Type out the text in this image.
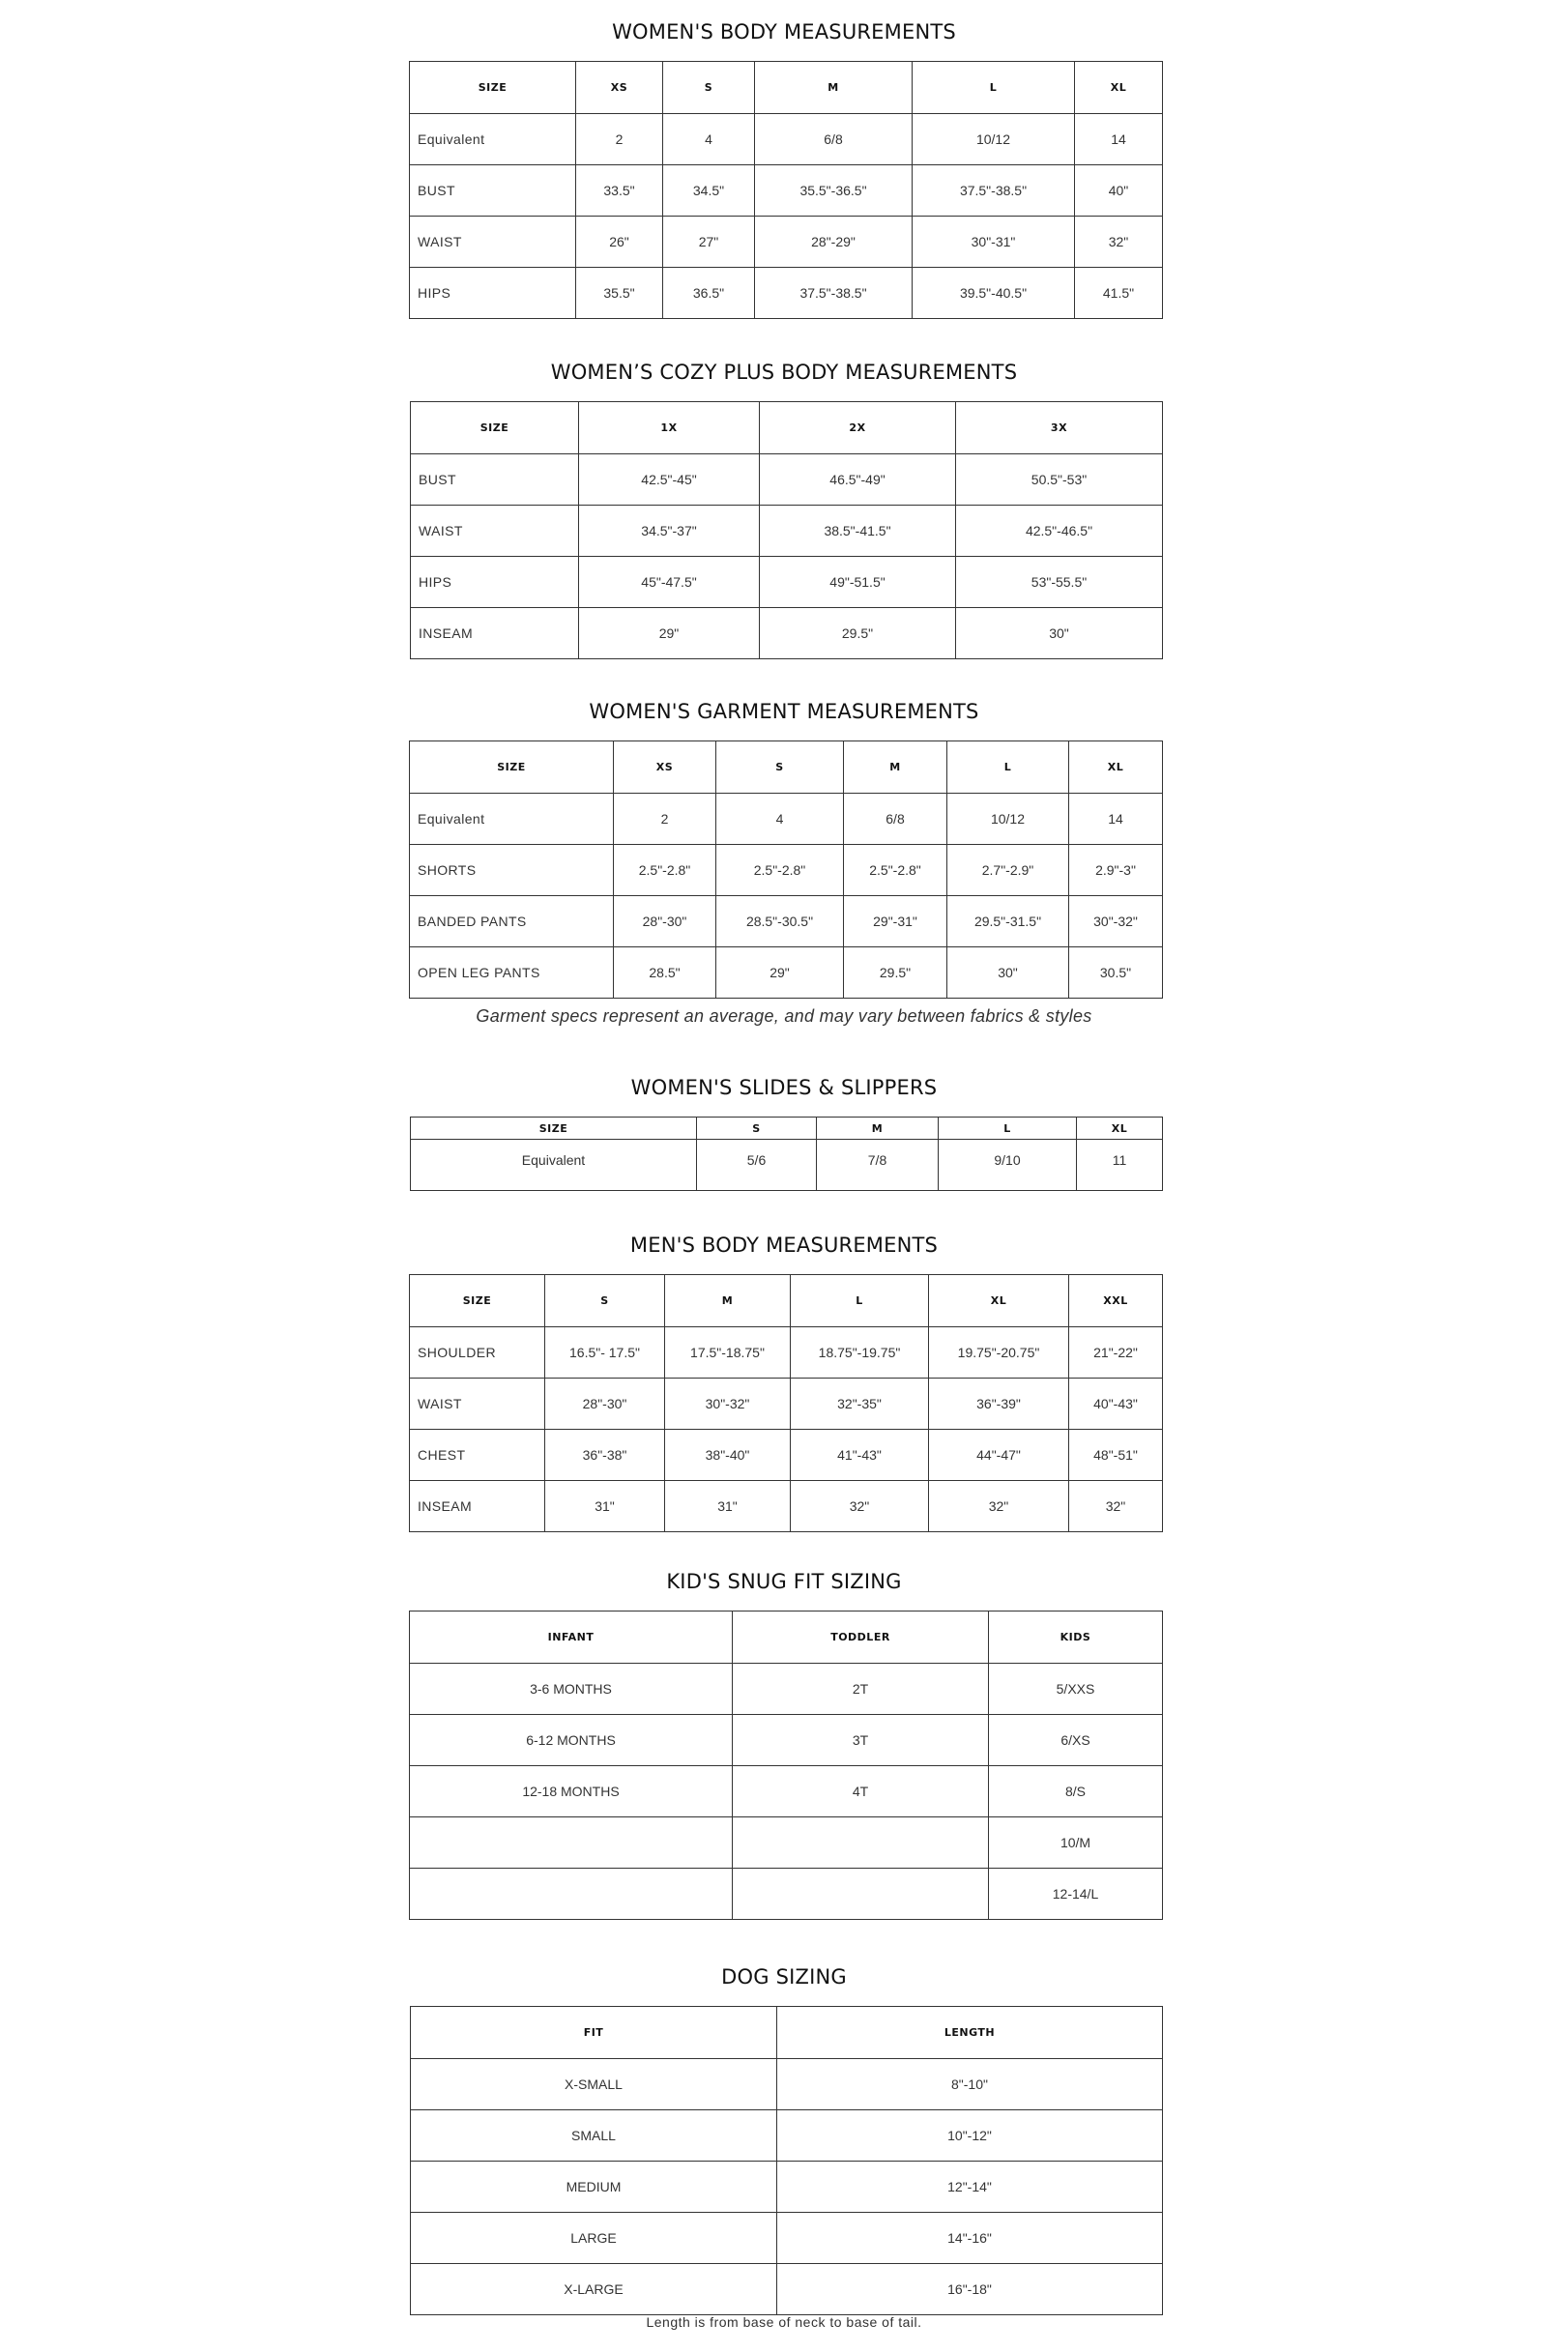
WOMEN'S BODY MEASUREMENTS
SIZE	XS	S	M	L	XL
Equivalent	2	4	6/8	10/12	14
BUST	33.5"	34.5"	35.5"-36.5"	37.5"-38.5"	40"
WAIST	26"	27"	28"-29"	30"-31"	32"
HIPS	35.5"	36.5"	37.5"-38.5"	39.5"-40.5"	41.5"
WOMEN’S COZY PLUS BODY MEASUREMENTS
SIZE	1X	2X	3X
BUST	42.5"-45"	46.5"-49"	50.5"-53"
WAIST	34.5"-37"	38.5"-41.5"	42.5"-46.5"
HIPS	45"-47.5"	49"-51.5"	53"-55.5"
INSEAM	29"	29.5"	30"
WOMEN'S GARMENT MEASUREMENTS
SIZE	XS	S	M	L	XL
Equivalent	2	4	6/8	10/12	14
SHORTS	2.5"-2.8"	2.5"-2.8"	2.5"-2.8"	2.7"-2.9"	2.9"-3"
BANDED PANTS	28"-30"	28.5"-30.5"	29"-31"	29.5"-31.5"	30"-32"
OPEN LEG PANTS	28.5"	29"	29.5"	30"	30.5"
Garment specs represent an average, and may vary between fabrics & styles
WOMEN'S SLIDES & SLIPPERS
SIZE	S	M	L	XL
Equivalent	5/6	7/8	9/10	11
MEN'S BODY MEASUREMENTS
SIZE	S	M	L	XL	XXL
SHOULDER	16.5"- 17.5"	17.5"-18.75"	18.75"-19.75"	19.75"-20.75"	21"-22"
WAIST	28"-30"	30"-32"	32"-35"	36"-39"	40"-43"
CHEST	36"-38"	38"-40"	41"-43"	44"-47"	48"-51"
INSEAM	31"	31"	32"	32"	32"
KID'S SNUG FIT SIZING
INFANT	TODDLER	KIDS
3-6 MONTHS	2T	5/XXS
6-12 MONTHS	3T	6/XS
12-18 MONTHS	4T	8/S
		10/M
		12-14/L
DOG SIZING
FIT	LENGTH
X-SMALL	8"-10"
SMALL	10"-12"
MEDIUM	12"-14"
LARGE	14"-16"
X-LARGE	16"-18"
Length is from base of neck to base of tail.
